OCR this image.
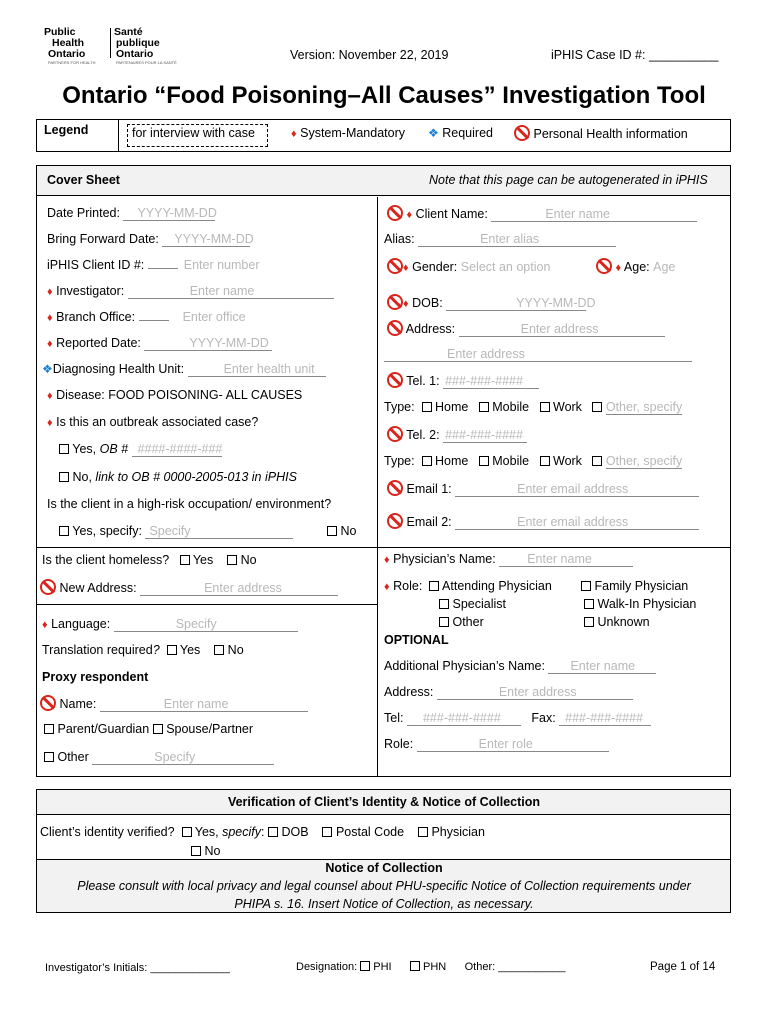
Public
Health
Ontario
Santé
publique
Ontario
PARTNERS FOR HEALTH	PARTENAIRES POUR LA SANTÉ
Version: November 22, 2019	iPHIS Case ID #: __________
Ontario “Food Poisoning–All Causes” Investigation Tool
Legend	for interview with case	♦ System-Mandatory ❖ Required	Personal Health information
Cover Sheet	Note that this page can be autogenerated in iPHIS
Date Printed: YYYY-MM-DD
Bring Forward Date: YYYY-MM-DD
iPHIS Client ID #:	Enter number
♦ Investigator:	Enter name
♦ Branch Office:	Enter office
♦ Reported Date:	YYYY-MM-DD
❖Diagnosing Health Unit:	Enter health unit
♦ Disease: FOOD POISONING- ALL CAUSES
♦ Is this an outbreak associated case?
Yes, OB # ####-####-###
No, link to OB # 0000-2005-013 in iPHIS
Is the client in a high-risk occupation/ environment?
Yes, specify: Specify	No
♦ Client Name:	Enter name
Alias:	Enter alias
♦ Gender: Select an option	♦ Age: Age
♦ DOB:	YYYY-MM-DD
Address:	Enter address
Enter address
Tel. 1: ###-###-####
Type: Home Mobile Work Other, specify
Tel. 2: ###-###-####
Type: Home Mobile Work Other, specify
Email 1:	Enter email address
Email 2:	Enter email address
Is the client homeless? Yes No
New Address:	Enter address
♦ Language:	Specify
Translation required? Yes No
Proxy respondent
Name:	Enter name
Parent/Guardian Spouse/Partner
Other	Specify
♦ Physician’s Name:	Enter name
♦ Role: Attending Physician	Family Physician
Specialist	Walk-In Physician
Other	Unknown
OPTIONAL
Additional Physician’s Name: Enter name
Address:	Enter address
Tel: ###-###-#### Fax: ###-###-####
Role:	Enter role
Verification of Client’s Identity & Notice of Collection
Client’s identity verified? Yes, specify: DOB Postal Code Physician
No
Notice of Collection
Please consult with local privacy and legal counsel about PHU-specific Notice of Collection requirements under
PHIPA s. 16. Insert Notice of Collection, as necessary.
Investigator’s Initials: _____________	Designation: PHI	PHN Other: ___________	Page 1 of 14
